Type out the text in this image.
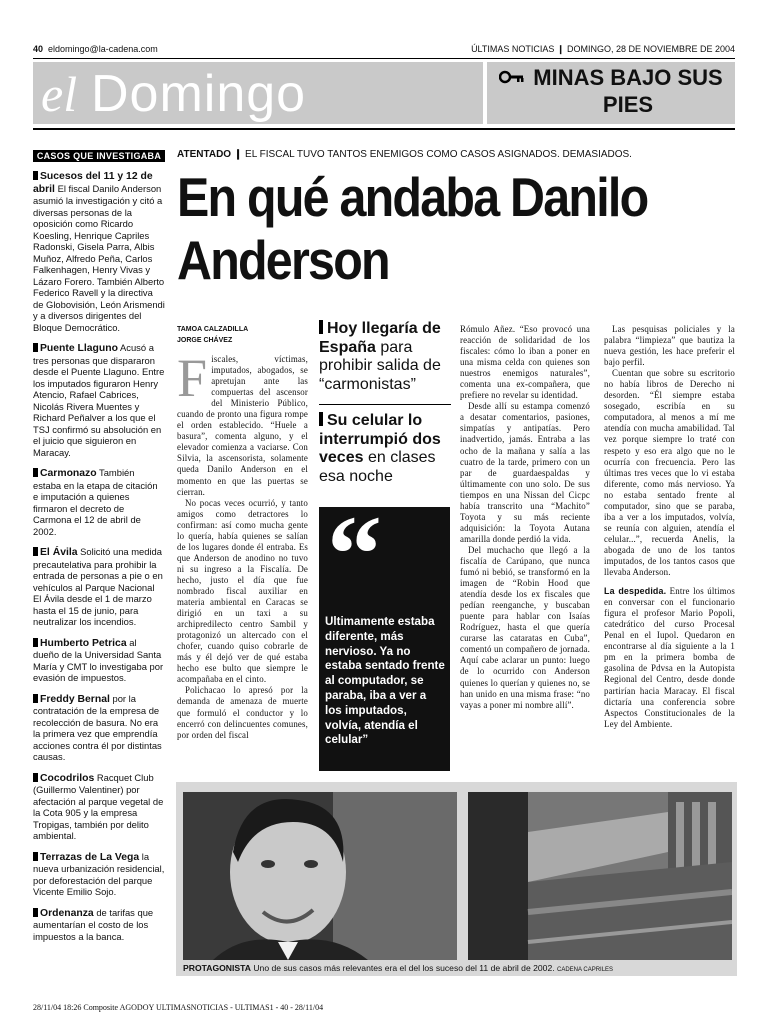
40 eldomingo@la-cadena.com	ÚLTIMAS NOTICIAS ❙ DOMINGO, 28 DE NOVIEMBRE DE 2004
el Domingo	MINAS BAJO SUS PIES
CASOS QUE INVESTIGABA
Sucesos del 11 y 12 de abril El fiscal Danilo Anderson asumió la investigación y citó a diversas personas de la oposición como Ricardo Koesling, Henrique Capriles Radonski, Gisela Parra, Albis Muñoz, Alfredo Peña, Carlos Falkenhagen, Henry Vivas y Lázaro Forero. También Alberto Federico Ravell y la directiva de Globovisión, León Arismendi y a diversos dirigentes del Bloque Democrático.
Puente Llaguno Acusó a tres personas que dispararon desde el Puente Llaguno. Entre los imputados figuraron Henry Atencio, Rafael Cabrices, Nicolás Rivera Muentes y Richard Peñalver a los que el TSJ confirmó su absolución en el juicio que siguieron en Maracay.
Carmonazo También estaba en la etapa de citación e imputación a quienes firmaron el decreto de Carmona el 12 de abril de 2002.
El Ávila Solicitó una medida precautelativa para prohibir la entrada de personas a pie o en vehículos al Parque Nacional El Ávila desde el 1 de marzo hasta el 15 de junio, para neutralizar los incendios.
Humberto Petrica al dueño de la Universidad Santa María y CMT lo investigaba por evasión de impuestos.
Freddy Bernal por la contratación de la empresa de recolección de basura. No era la primera vez que emprendía acciones contra él por distintas causas.
Cocodrilos Racquet Club (Guillermo Valentiner) por afectación al parque vegetal de la Cota 905 y la empresa Tropigas, también por delito ambiental.
Terrazas de La Vega la nueva urbanización residencial, por deforestación del parque Vicente Emilio Sojo.
Ordenanza de tarifas que aumentarían el costo de los impuestos a la banca.
ATENTADO ❙ EL FISCAL TUVO TANTOS ENEMIGOS COMO CASOS ASIGNADOS. DEMASIADOS.
En qué andaba Danilo Anderson
TAMOA CALZADILLA
JORGE CHÁVEZ

Fiscales, víctimas, imputados, abogados, se apretujan ante las compuertas del ascensor del Ministerio Público, cuando de pronto una figura rompe el orden establecido. “Huele a basura”, comenta alguno, y el elevador comienza a vaciarse. Con Silvia, la ascensorista, solamente queda Danilo Anderson en el momento en que las puertas se cierran.

No pocas veces ocurrió, y tanto amigos como detractores lo confirman: así como mucha gente lo quería, había quienes se salían de los lugares donde él entraba. Es que Anderson de anodino no tuvo ni su ingreso a la Fiscalía. De hecho, justo el día que fue nombrado fiscal auxiliar en materia ambiental en Caracas se dirigió en un taxi a su archipredilecto centro Sambil y protagonizó un altercado con el chofer, cuando quiso cobrarle de más y él dejó ver de qué estaba hecho ese bulto que siempre le acompañaba en el cinto.

Polichacao lo apresó por la demanda de amenaza de muerte que formuló el conductor y lo encerró con delincuentes comunes, por orden del fiscal

Hoy llegaría de España para prohibir salida de “carmonistas”
Su celular lo interrumpió dos veces en clases esa noche
“
Ultimamente estaba diferente, más nervioso. Ya no estaba sentado frente al computador, se paraba, iba a ver a los imputados, volvía, atendía el celular”

Rómulo Añez. “Eso provocó una reacción de solidaridad de los fiscales: cómo lo iban a poner en una misma celda con quienes son nuestros enemigos naturales”, comenta una ex-compañera, que prefiere no revelar su identidad.

Desde allí su estampa comenzó a desatar comentarios, pasiones, simpatías y antipatías. Pero inadvertido, jamás. Entraba a las ocho de la mañana y salía a las cuatro de la tarde, primero con un par de guardaespaldas y últimamente con uno solo. De sus tiempos en una Nissan del Cicpc había transcrito una “Machito” Toyota y su más reciente adquisición: la Toyota Autana amarilla donde perdió la vida.

Del muchacho que llegó a la fiscalía de Carúpano, que nunca fumó ni bebió, se transformó en la imagen de “Robin Hood que atendía desde los ex fiscales que pedían reenganche, y buscaban puente para hablar con Isaías Rodríguez, hasta el que quería curarse las cataratas en Cuba”, comentó un compañero de jornada. Aquí cabe aclarar un punto: luego de lo ocurrido con Anderson quienes lo querían y quienes no, se han unido en una misma frase: “no vayas a poner mi nombre allí”.

Las pesquisas policiales y la palabra “limpieza” que bautiza la nueva gestión, les hace preferir el bajo perfil.

Cuentan que sobre su escritorio no había libros de Derecho ni desorden. “Él siempre estaba sosegado, escribía en su computadora, al menos a mí me atendía con mucha amabilidad. Tal vez porque siempre lo traté con respeto y eso era algo que no le ocurría con frecuencia. Pero las últimas tres veces que lo vi estaba diferente, como más nervioso. Ya no estaba sentado frente al computador, sino que se paraba, iba a ver a los imputados, volvía, se reunía con alguien, atendía el celular...”, recuerda Anelis, la abogada de uno de los tantos imputados, de los tantos casos que llevaba Anderson.

La despedida. Entre los últimos en conversar con el funcionario figura el profesor Mario Popoli, catedrático del curso Procesal Penal en el Iupol. Quedaron en encontrarse al día siguiente a la 1 pm en la primera bomba de gasolina de Pdvsa en la Autopista Regional del Centro, desde donde partirían hacia Maracay. El fiscal dictaría una conferencia sobre Aspectos Constitucionales de la Ley del Ambiente.

PROTAGONISTA Uno de sus casos más relevantes era el del los suceso del 11 de abril de 2002. CADENA CAPRILES
28/11/04 18:26 Composite AGODOY ULTIMASNOTICIAS - ULTIMAS1 - 40 - 28/11/04
